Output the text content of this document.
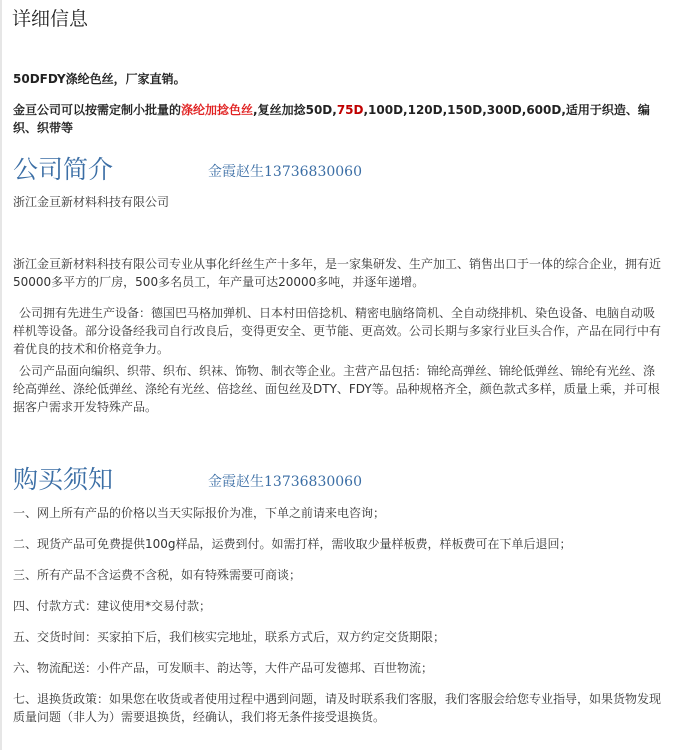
详细信息
50DFDY涤纶色丝，厂家直销。
金亘公司可以按需定制小批量的涤纶加捻色丝,复丝加捻50D,75D,100D,120D,150D,300D,600D,适用于织造、编织、织带等
公司简介	金霞赵生13736830060
浙江金亘新材料科技有限公司
浙江金亘新材料科技有限公司专业从事化纤丝生产十多年，是一家集研发、生产加工、销售出口于一体的综合企业，拥有近50000多平方的厂房，500多名员工，年产量可达20000多吨，并逐年递增。
公司拥有先进生产设备：德国巴马格加弹机、日本村田倍捻机、精密电脑络筒机、全自动绕排机、染色设备、电脑自动吸样机等设备。部分设备经我司自行改良后，变得更安全、更节能、更高效。公司长期与多家行业巨头合作，产品在同行中有着优良的技术和价格竞争力。
公司产品面向编织、织带、织布、织袜、饰物、制衣等企业。主营产品包括：锦纶高弹丝、锦纶低弹丝、锦纶有光丝、涤纶高弹丝、涤纶低弹丝、涤纶有光丝、倍捻丝、面包丝及DTY、FDY等。品种规格齐全，颜色款式多样，质量上乘，并可根据客户需求开发特殊产品。
购买须知	金霞赵生13736830060
一、网上所有产品的价格以当天实际报价为准，下单之前请来电咨询；
二、现货产品可免费提供100g样品，运费到付。如需打样，需收取少量样板费，样板费可在下单后退回；
三、所有产品不含运费不含税，如有特殊需要可商谈；
四、付款方式：建议使用*交易付款；
五、交货时间：买家拍下后，我们核实完地址，联系方式后，双方约定交货期限；
六、物流配送：小件产品，可发顺丰、韵达等，大件产品可发德邦、百世物流；
七、退换货政策：如果您在收货或者使用过程中遇到问题，请及时联系我们客服，我们客服会给您专业指导，如果货物发现质量问题（非人为）需要退换货，经确认，我们将无条件接受退换货。
